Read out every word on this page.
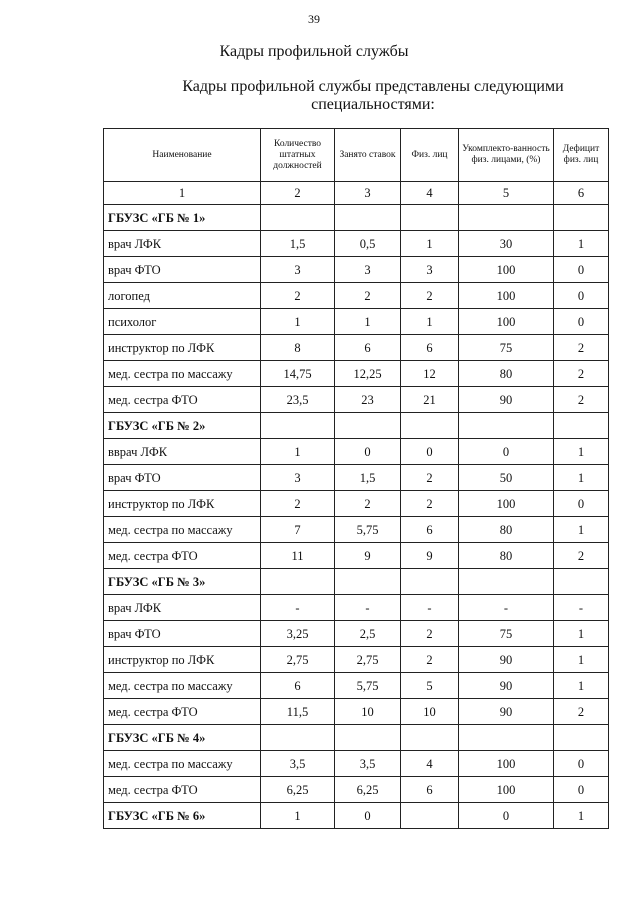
39
Кадры профильной службы
Кадры профильной службы представлены следующими специальностями:
Наименование	Количество штатных должностей	Занято ставок	Физ. лиц	Укомплекто-ванность физ. лицами, (%)	Дефицит физ. лиц
1	2	3	4	5	6
ГБУЗС «ГБ № 1»					
врач ЛФК	1,5	0,5	1	30	1
врач ФТО	3	3	3	100	0
логопед	2	2	2	100	0
психолог	1	1	1	100	0
инструктор по ЛФК	8	6	6	75	2
мед. сестра по массажу	14,75	12,25	12	80	2
мед. сестра ФТО	23,5	23	21	90	2
ГБУЗС «ГБ № 2»					
вврач ЛФК	1	0	0	0	1
врач ФТО	3	1,5	2	50	1
инструктор по ЛФК	2	2	2	100	0
мед. сестра по массажу	7	5,75	6	80	1
мед. сестра ФТО	11	9	9	80	2
ГБУЗС «ГБ № 3»					
врач ЛФК	-	-	-	-	-
врач ФТО	3,25	2,5	2	75	1
инструктор по ЛФК	2,75	2,75	2	90	1
мед. сестра по массажу	6	5,75	5	90	1
мед. сестра ФТО	11,5	10	10	90	2
ГБУЗС «ГБ № 4»					
мед. сестра по массажу	3,5	3,5	4	100	0
мед. сестра ФТО	6,25	6,25	6	100	0
ГБУЗС «ГБ № 6»	1	0		0	1
